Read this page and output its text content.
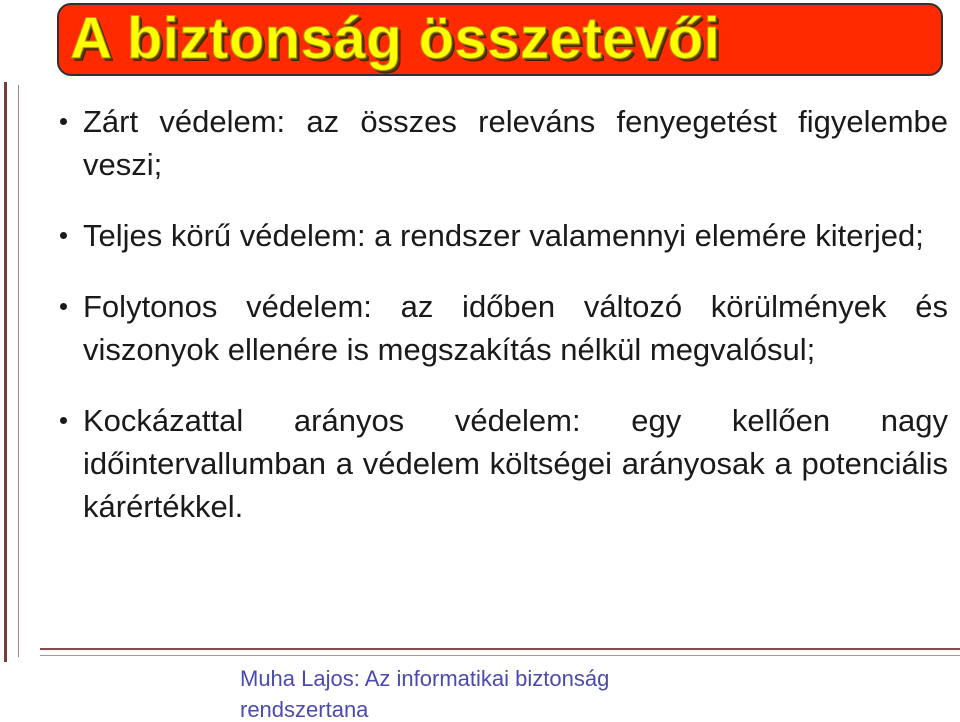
A biztonság összetevői
Zárt védelem: az összes releváns fenyegetést figyelembe veszi;
Teljes körű védelem: a rendszer valamennyi elemére kiterjed;
Folytonos védelem: az időben változó körülmények és viszonyok ellenére is megszakítás nélkül megvalósul;
Kockázattal arányos védelem: egy kellően nagy időintervallumban a védelem költségei arányosak a potenciális kárértékkel.
Muha Lajos: Az informatikai biztonság rendszertana
